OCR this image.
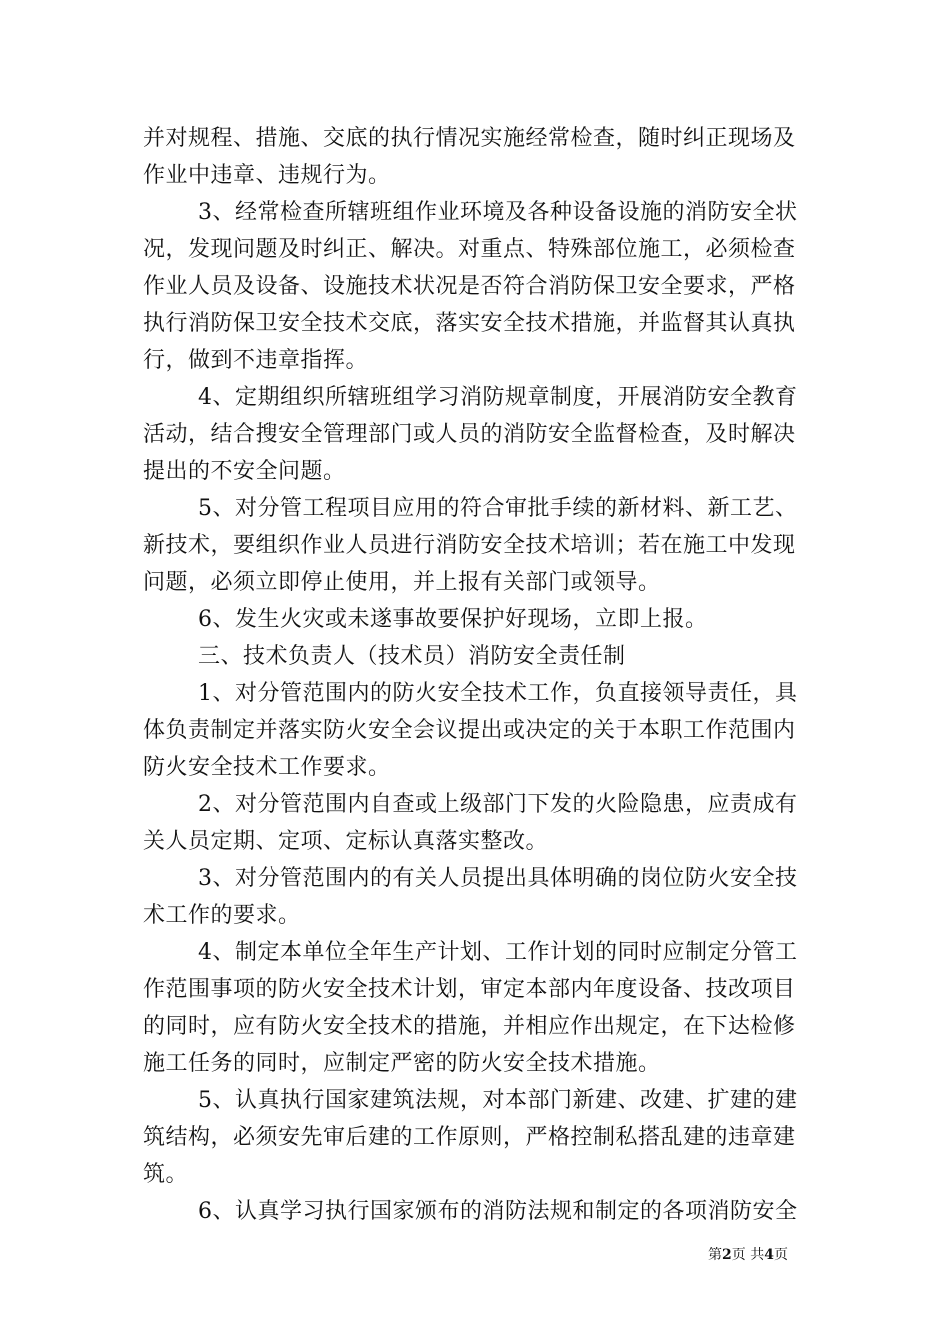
并对规程、措施、交底的执行情况实施经常检查，随时纠正现场及
作业中违章、违规行为。
3、经常检查所辖班组作业环境及各种设备设施的消防安全状
况，发现问题及时纠正、解决。对重点、特殊部位施工，必须检查
作业人员及设备、设施技术状况是否符合消防保卫安全要求，严格
执行消防保卫安全技术交底，落实安全技术措施，并监督其认真执
行，做到不违章指挥。
4、定期组织所辖班组学习消防规章制度，开展消防安全教育
活动，结合搜安全管理部门或人员的消防安全监督检查，及时解决
提出的不安全问题。
5、对分管工程项目应用的符合审批手续的新材料、新工艺、
新技术，要组织作业人员进行消防安全技术培训；若在施工中发现
问题，必须立即停止使用，并上报有关部门或领导。
6、发生火灾或未遂事故要保护好现场，立即上报。
三、技术负责人（技术员）消防安全责任制
1、对分管范围内的防火安全技术工作，负直接领导责任，具
体负责制定并落实防火安全会议提出或决定的关于本职工作范围内
防火安全技术工作要求。
2、对分管范围内自查或上级部门下发的火险隐患，应责成有
关人员定期、定项、定标认真落实整改。
3、对分管范围内的有关人员提出具体明确的岗位防火安全技
术工作的要求。
4、制定本单位全年生产计划、工作计划的同时应制定分管工
作范围事项的防火安全技术计划，审定本部内年度设备、技改项目
的同时，应有防火安全技术的措施，并相应作出规定，在下达检修
施工任务的同时，应制定严密的防火安全技术措施。
5、认真执行国家建筑法规，对本部门新建、改建、扩建的建
筑结构，必须安先审后建的工作原则，严格控制私搭乱建的违章建
筑。
6、认真学习执行国家颁布的消防法规和制定的各项消防安全
第2页 共4页
